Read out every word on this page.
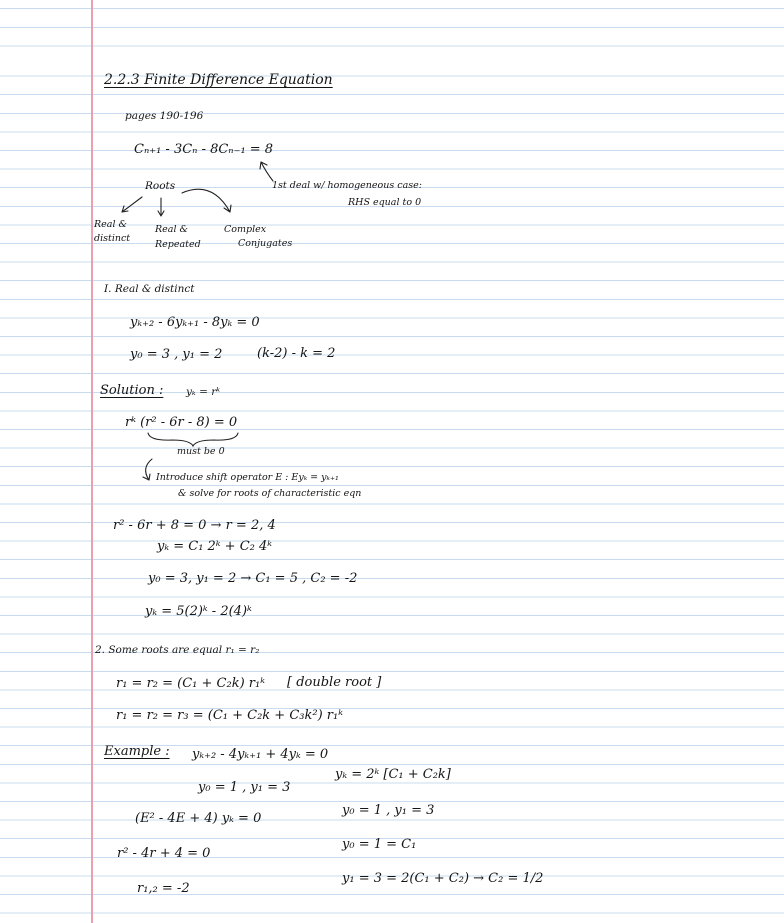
2.2.3 Finite Difference Equation
pages 190-196
Cₙ₊₁ - 3Cₙ - 8Cₙ₋₁ = 8
1st deal w/ homogeneous case:
RHS equal to 0
Roots
Real &
distinct
Real &
Repeated
Complex
Conjugates
I. Real & distinct
yₖ₊₂ - 6yₖ₊₁ - 8yₖ = 0
y₀ = 3 , y₁ = 2	(k-2) - k = 2
Solution : yₖ = rᵏ
rᵏ (r² - 6r - 8) = 0
must be 0
Introduce shift operator E : Eyₖ = yₖ₊₁
& solve for roots of characteristic eqn
r² - 6r + 8 = 0 → r = 2, 4
yₖ = C₁ 2ᵏ + C₂ 4ᵏ
y₀ = 3, y₁ = 2 → C₁ = 5 , C₂ = -2
yₖ = 5(2)ᵏ - 2(4)ᵏ
2. Some roots are equal r₁ = r₂
r₁ = r₂ = (C₁ + C₂k) r₁ᵏ [ double root ]
r₁ = r₂ = r₃ = (C₁ + C₂k + C₃k²) r₁ᵏ
Example : yₖ₊₂ - 4yₖ₊₁ + 4yₖ = 0
y₀ = 1 , y₁ = 3
(E² - 4E + 4) yₖ = 0
r² - 4r + 4 = 0
r₁,₂ = -2
yₖ = 2ᵏ [C₁ + C₂k]
y₀ = 1 , y₁ = 3
y₀ = 1 = C₁
y₁ = 3 = 2(C₁ + C₂) → C₂ = 1/2
